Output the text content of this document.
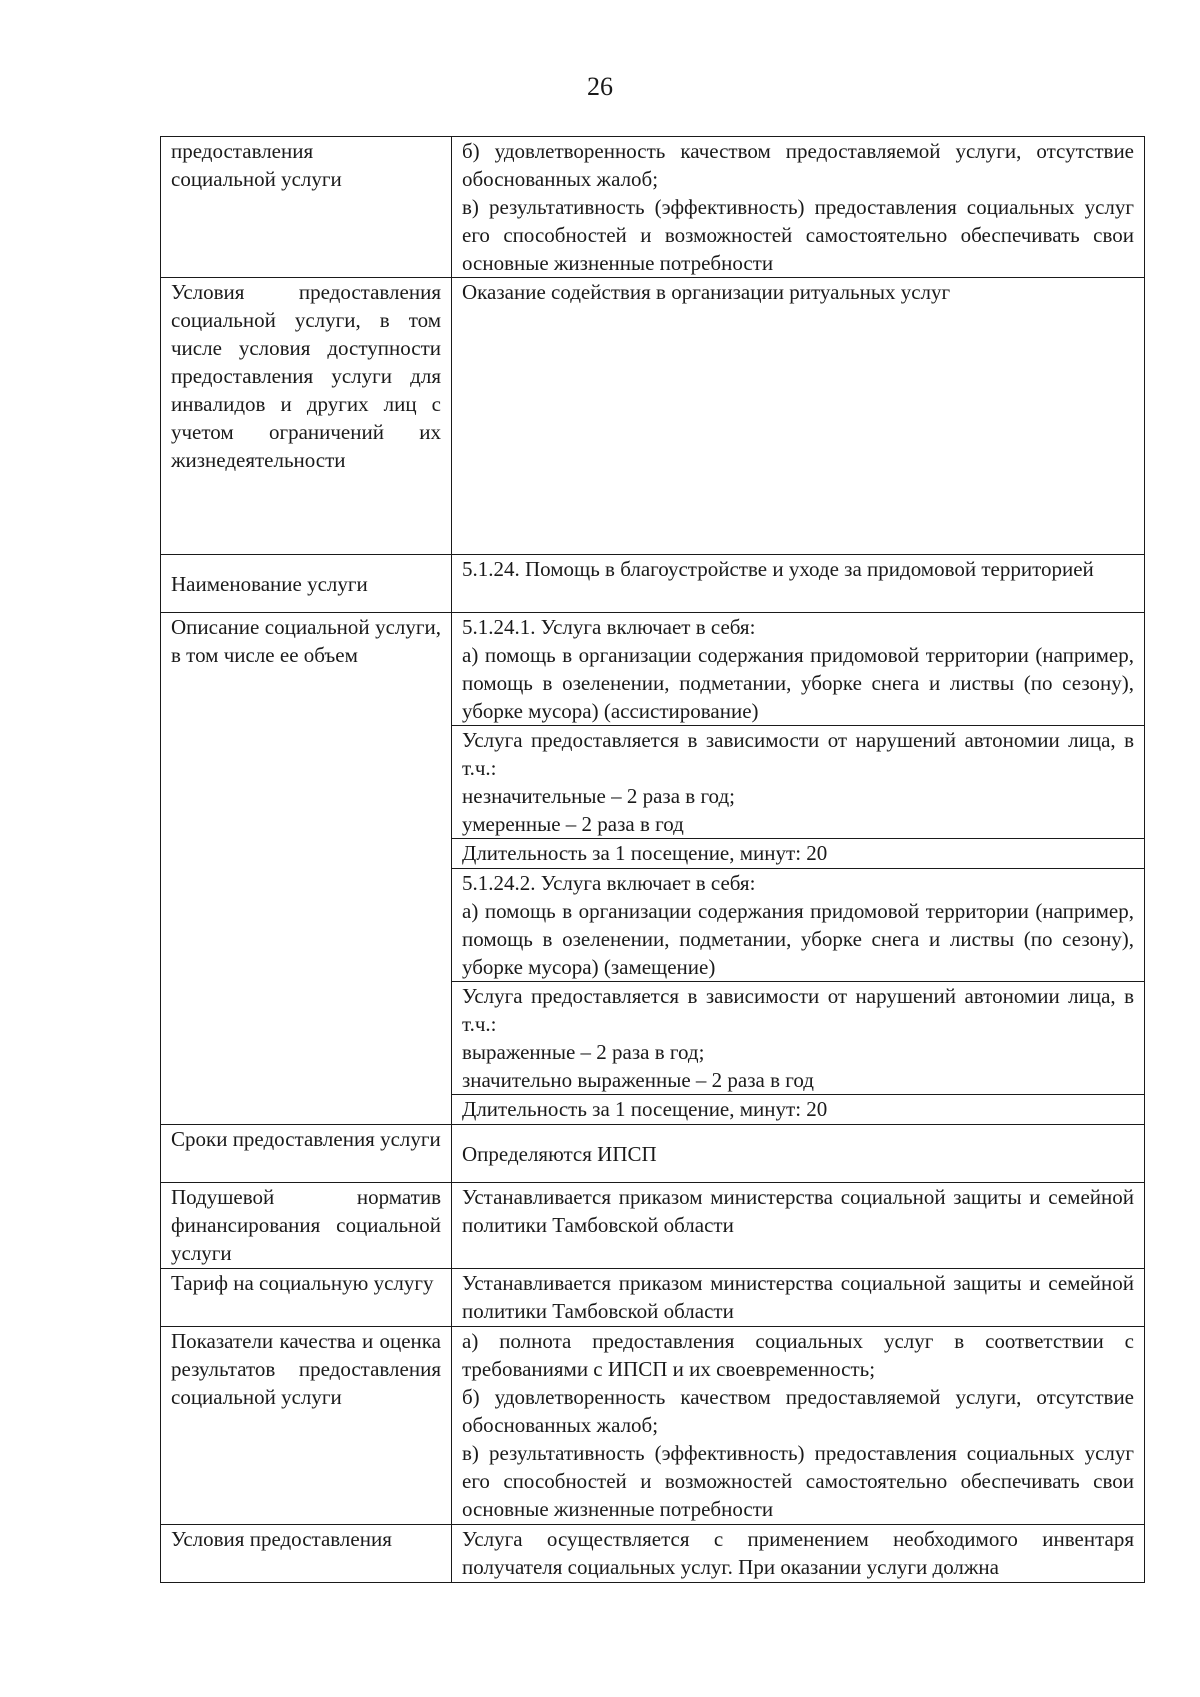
26
предоставления
социальной услуги	б) удовлетворенность качеством предоставляемой услуги, отсутствие обоснованных жалоб;
в) результативность (эффективность) предоставления социальных услуг его способностей и возможностей самостоятельно обеспечивать свои основные жизненные потребности

Условия предоставления социальной услуги, в том числе условия доступности предоставления услуги для инвалидов и других лиц с учетом ограничений их жизнедеятельности	Оказание содействия в организации ритуальных услуг

Наименование услуги	5.1.24. Помощь в благоустройстве и уходе за придомовой территорией

Описание социальной услуги, в том числе ее объем	5.1.24.1. Услуга включает в себя:
а) помощь в организации содержания придомовой территории (например, помощь в озеленении, подметании, уборке снега и листвы (по сезону), уборке мусора) (ассистирование)

	Услуга предоставляется в зависимости от нарушений автономии лица, в т.ч.:
незначительные – 2 раза в год;
умеренные – 2 раза в год

	Длительность за 1 посещение, минут: 20

	5.1.24.2. Услуга включает в себя:
а) помощь в организации содержания придомовой территории (например, помощь в озеленении, подметании, уборке снега и листвы (по сезону), уборке мусора) (замещение)

	Услуга предоставляется в зависимости от нарушений автономии лица, в т.ч.:
выраженные – 2 раза в год;
значительно выраженные – 2 раза в год

	Длительность за 1 посещение, минут: 20

Сроки предоставления услуги	Определяются ИПСП

Подушевой норматив финансирования социальной услуги	Устанавливается приказом министерства социальной защиты и семейной политики Тамбовской области

Тариф на социальную услугу	Устанавливается приказом министерства социальной защиты и семейной политики Тамбовской области

Показатели качества и оценка результатов предоставления социальной услуги	а) полнота предоставления социальных услуг в соответствии с требованиями с ИПСП и их своевременность;
б) удовлетворенность качеством предоставляемой услуги, отсутствие обоснованных жалоб;
в) результативность (эффективность) предоставления социальных услуг его способностей и возможностей самостоятельно обеспечивать свои основные жизненные потребности

Условия предоставления	Услуга осуществляется с применением необходимого инвентаря получателя социальных услуг. При оказании услуги должна
